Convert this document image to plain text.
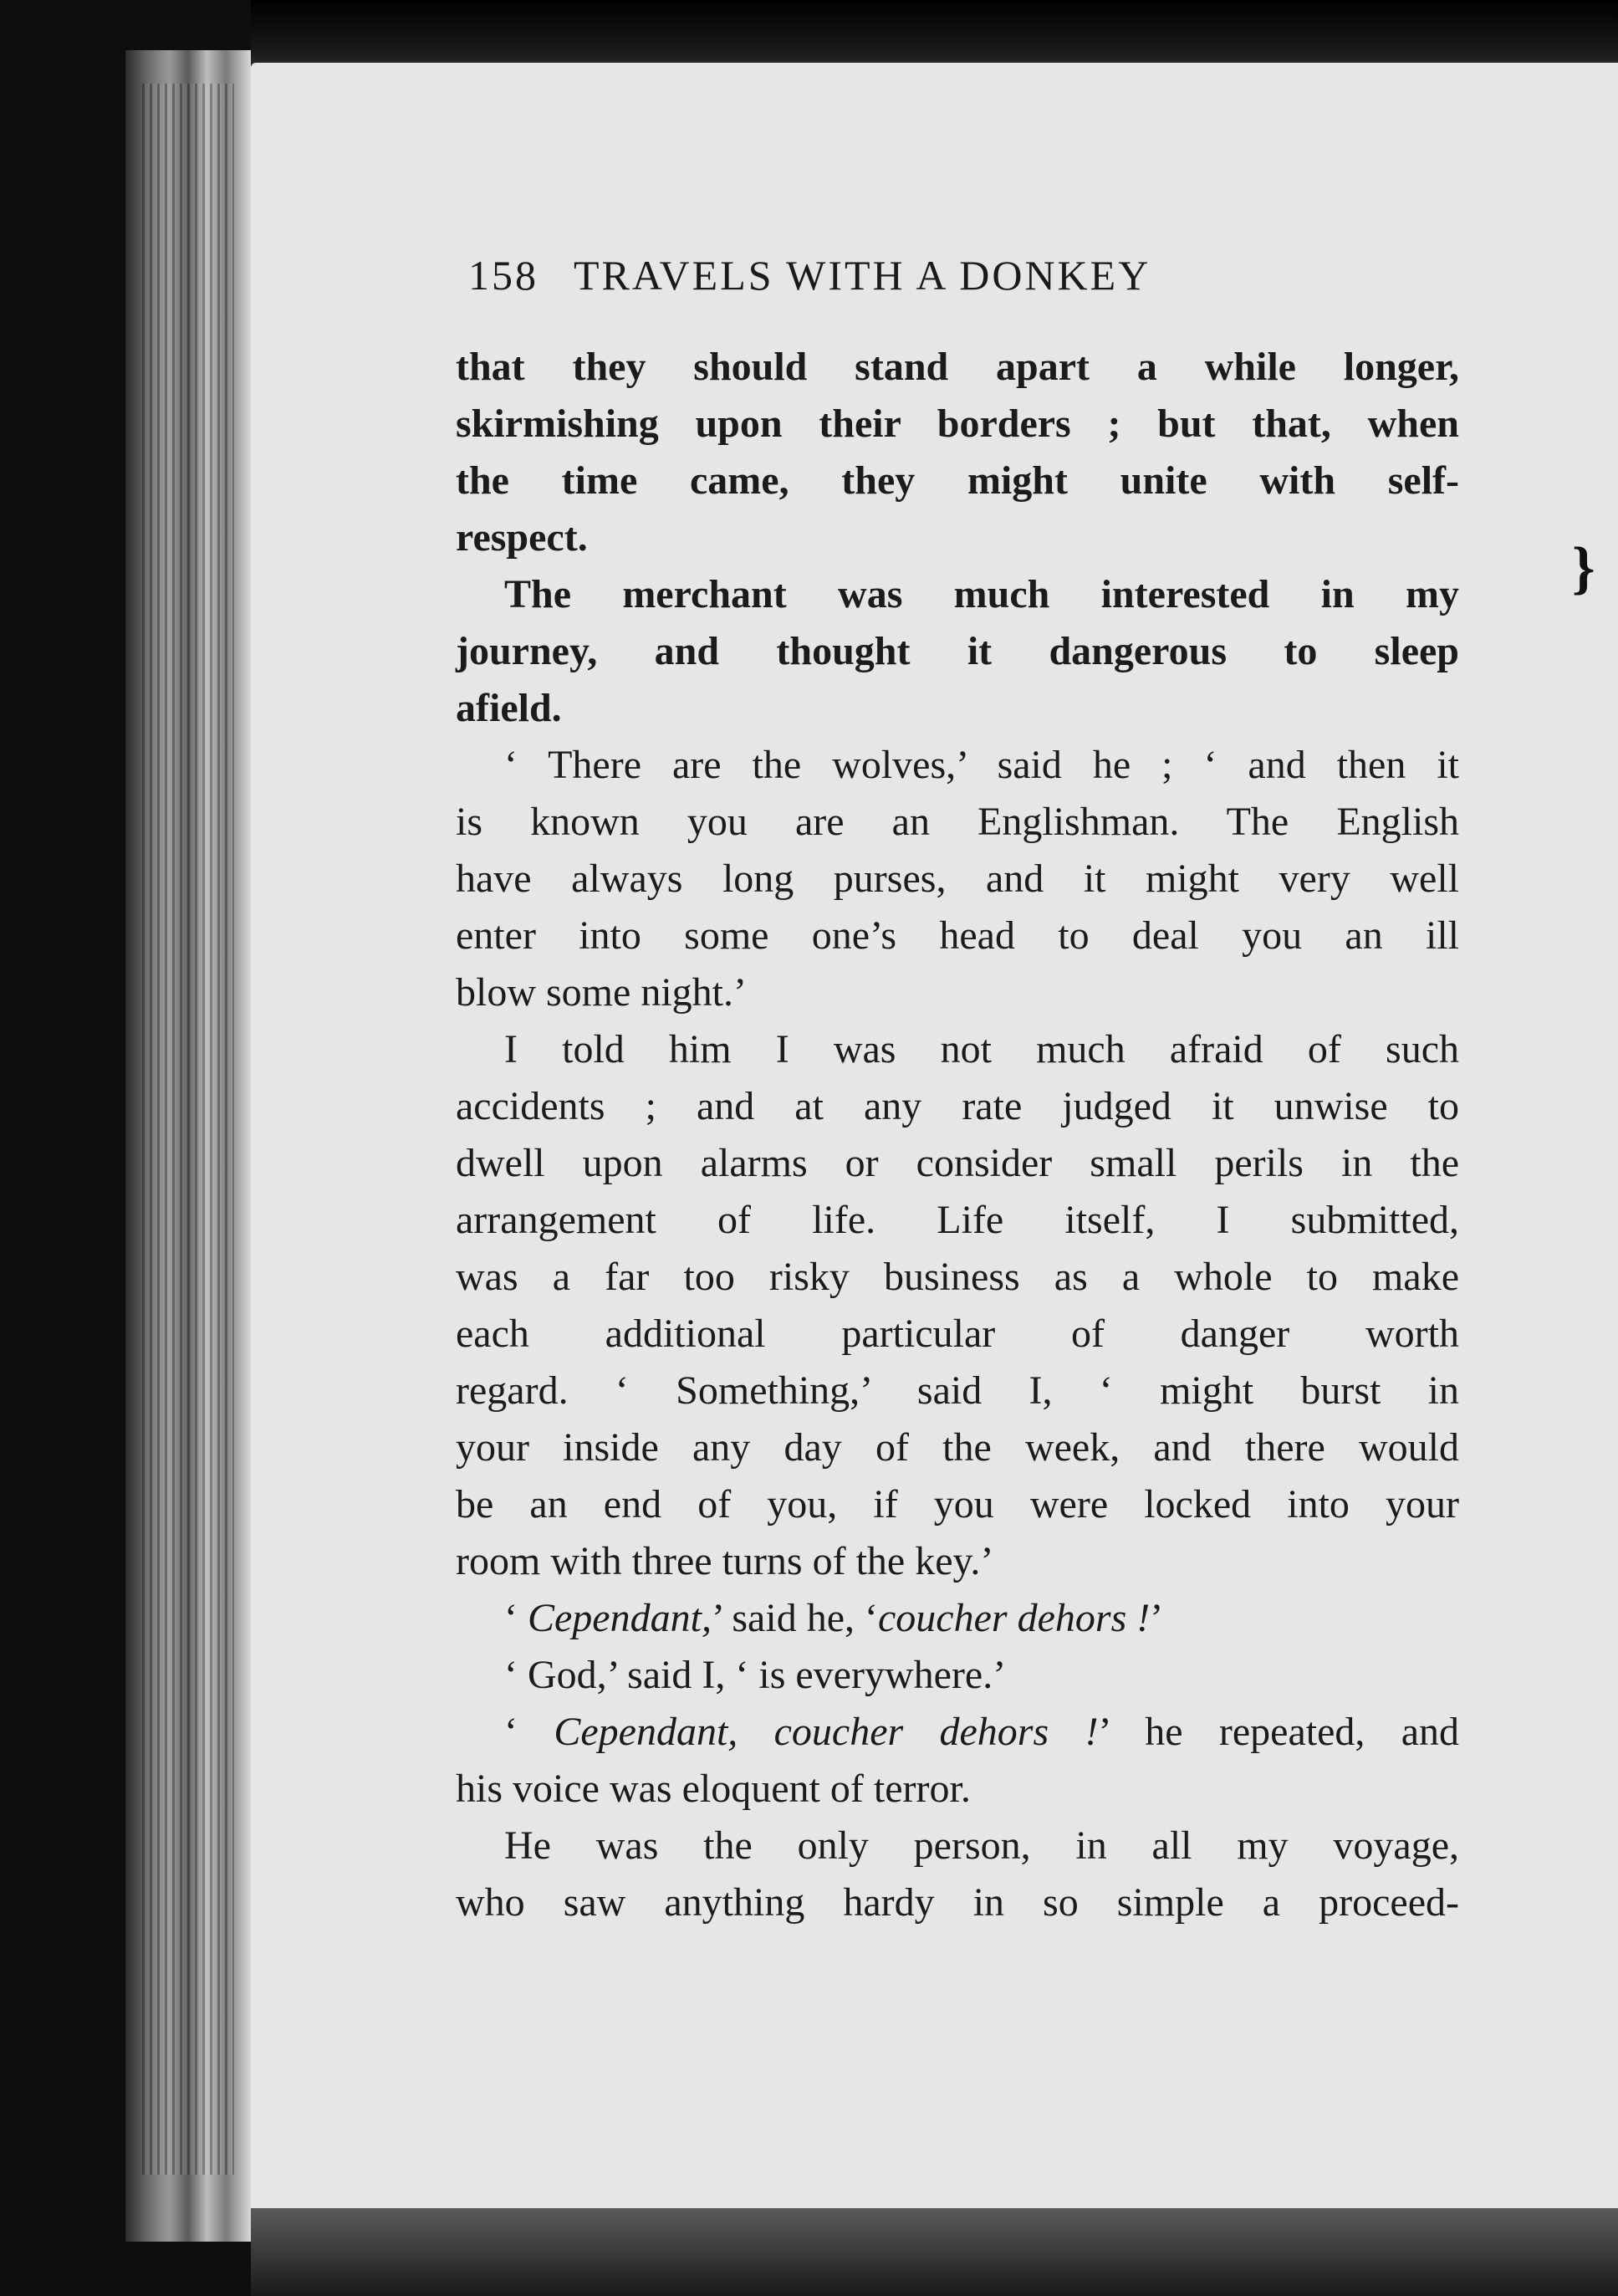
158 TRAVELS WITH A DONKEY
}

that they should stand apart a while longer,
skirmishing upon their borders ; but that, when
the time came, they might unite with self-
respect.

The merchant was much interested in my
journey, and thought it dangerous to sleep
afield.

‘ There are the wolves,’ said he ; ‘ and then it
is known you are an Englishman. The English
have always long purses, and it might very well
enter into some one’s head to deal you an ill
blow some night.’

I told him I was not much afraid of such
accidents ; and at any rate judged it unwise to
dwell upon alarms or consider small perils in the
arrangement of life. Life itself, I submitted,
was a far too risky business as a whole to make
each additional particular of danger worth
regard. ‘ Something,’ said I, ‘ might burst in
your inside any day of the week, and there would
be an end of you, if you were locked into your
room with three turns of the key.’

‘ Cependant,’ said he, ‘coucher dehors !’

‘ God,’ said I, ‘ is everywhere.’

‘ Cependant, coucher dehors !’ he repeated, and
his voice was eloquent of terror.

He was the only person, in all my voyage,
who saw anything hardy in so simple a proceed-
